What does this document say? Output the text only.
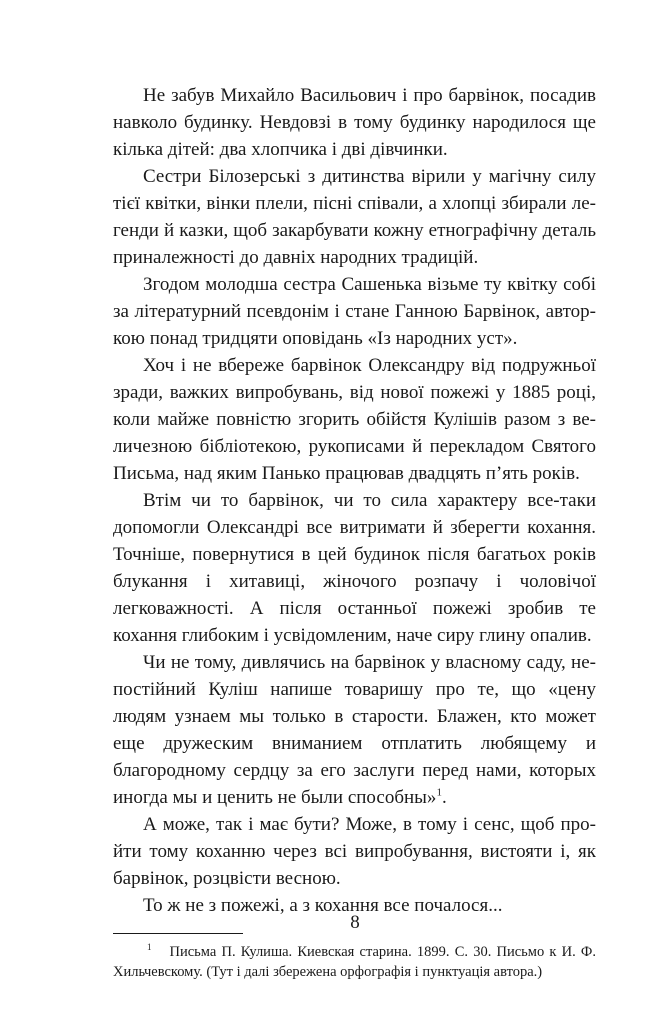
Не забув Михайло Васильович і про барвінок, посадив навколо будинку. Невдовзі в тому будинку народилося ще кілька дітей: два хлопчика і дві дівчинки.

Сестри Білозерські з дитинства вірили у магічну силу тієї квітки, вінки плели, пісні співали, а хлопці збирали легенди й казки, щоб закарбувати кожну етнографічну деталь приналежності до давніх народних традицій.

Згодом молодша сестра Сашенька візьме ту квітку собі за літературний псевдонім і стане Ганною Барвінок, авторкою понад тридцяти оповідань «Із народних уст».

Хоч і не вбереже барвінок Олександру від подружньої зради, важких випробувань, від нової пожежі у 1885 році, коли майже повністю згорить обійстя Кулішів разом з величезною бібліотекою, рукописами й перекладом Святого Письма, над яким Панько працював двадцять п’ять років.

Втім чи то барвінок, чи то сила характеру все-таки допомогли Олександрі все витримати й зберегти кохання. Точніше, повернутися в цей будинок після багатьох років блукання і хитавиці, жіночого розпачу і чоловічої легковажності. А після останньої пожежі зробив те кохання глибоким і усвідомленим, наче сиру глину опалив.

Чи не тому, дивлячись на барвінок у власному саду, непостійний Куліш напише товаришу про те, що «цену людям узнаем мы только в старости. Блажен, кто может еще дружеским вниманием отплатить любящему и благородному сердцу за его заслуги перед нами, которых иногда мы и ценить не были способны»$^1$.

А може, так і має бути? Може, в тому і сенс, щоб пройти тому коханню через всі випробування, вистояти і, як барвінок, розцвісти весною.

То ж не з пожежі, а з кохання все почалося...

$^1$ Письма П. Кулиша. Киевская старина. 1899. С. 30. Письмо к И. Ф. Хильчевскому. (Тут і далі збережена орфографія і пунктуація автора.)

8
